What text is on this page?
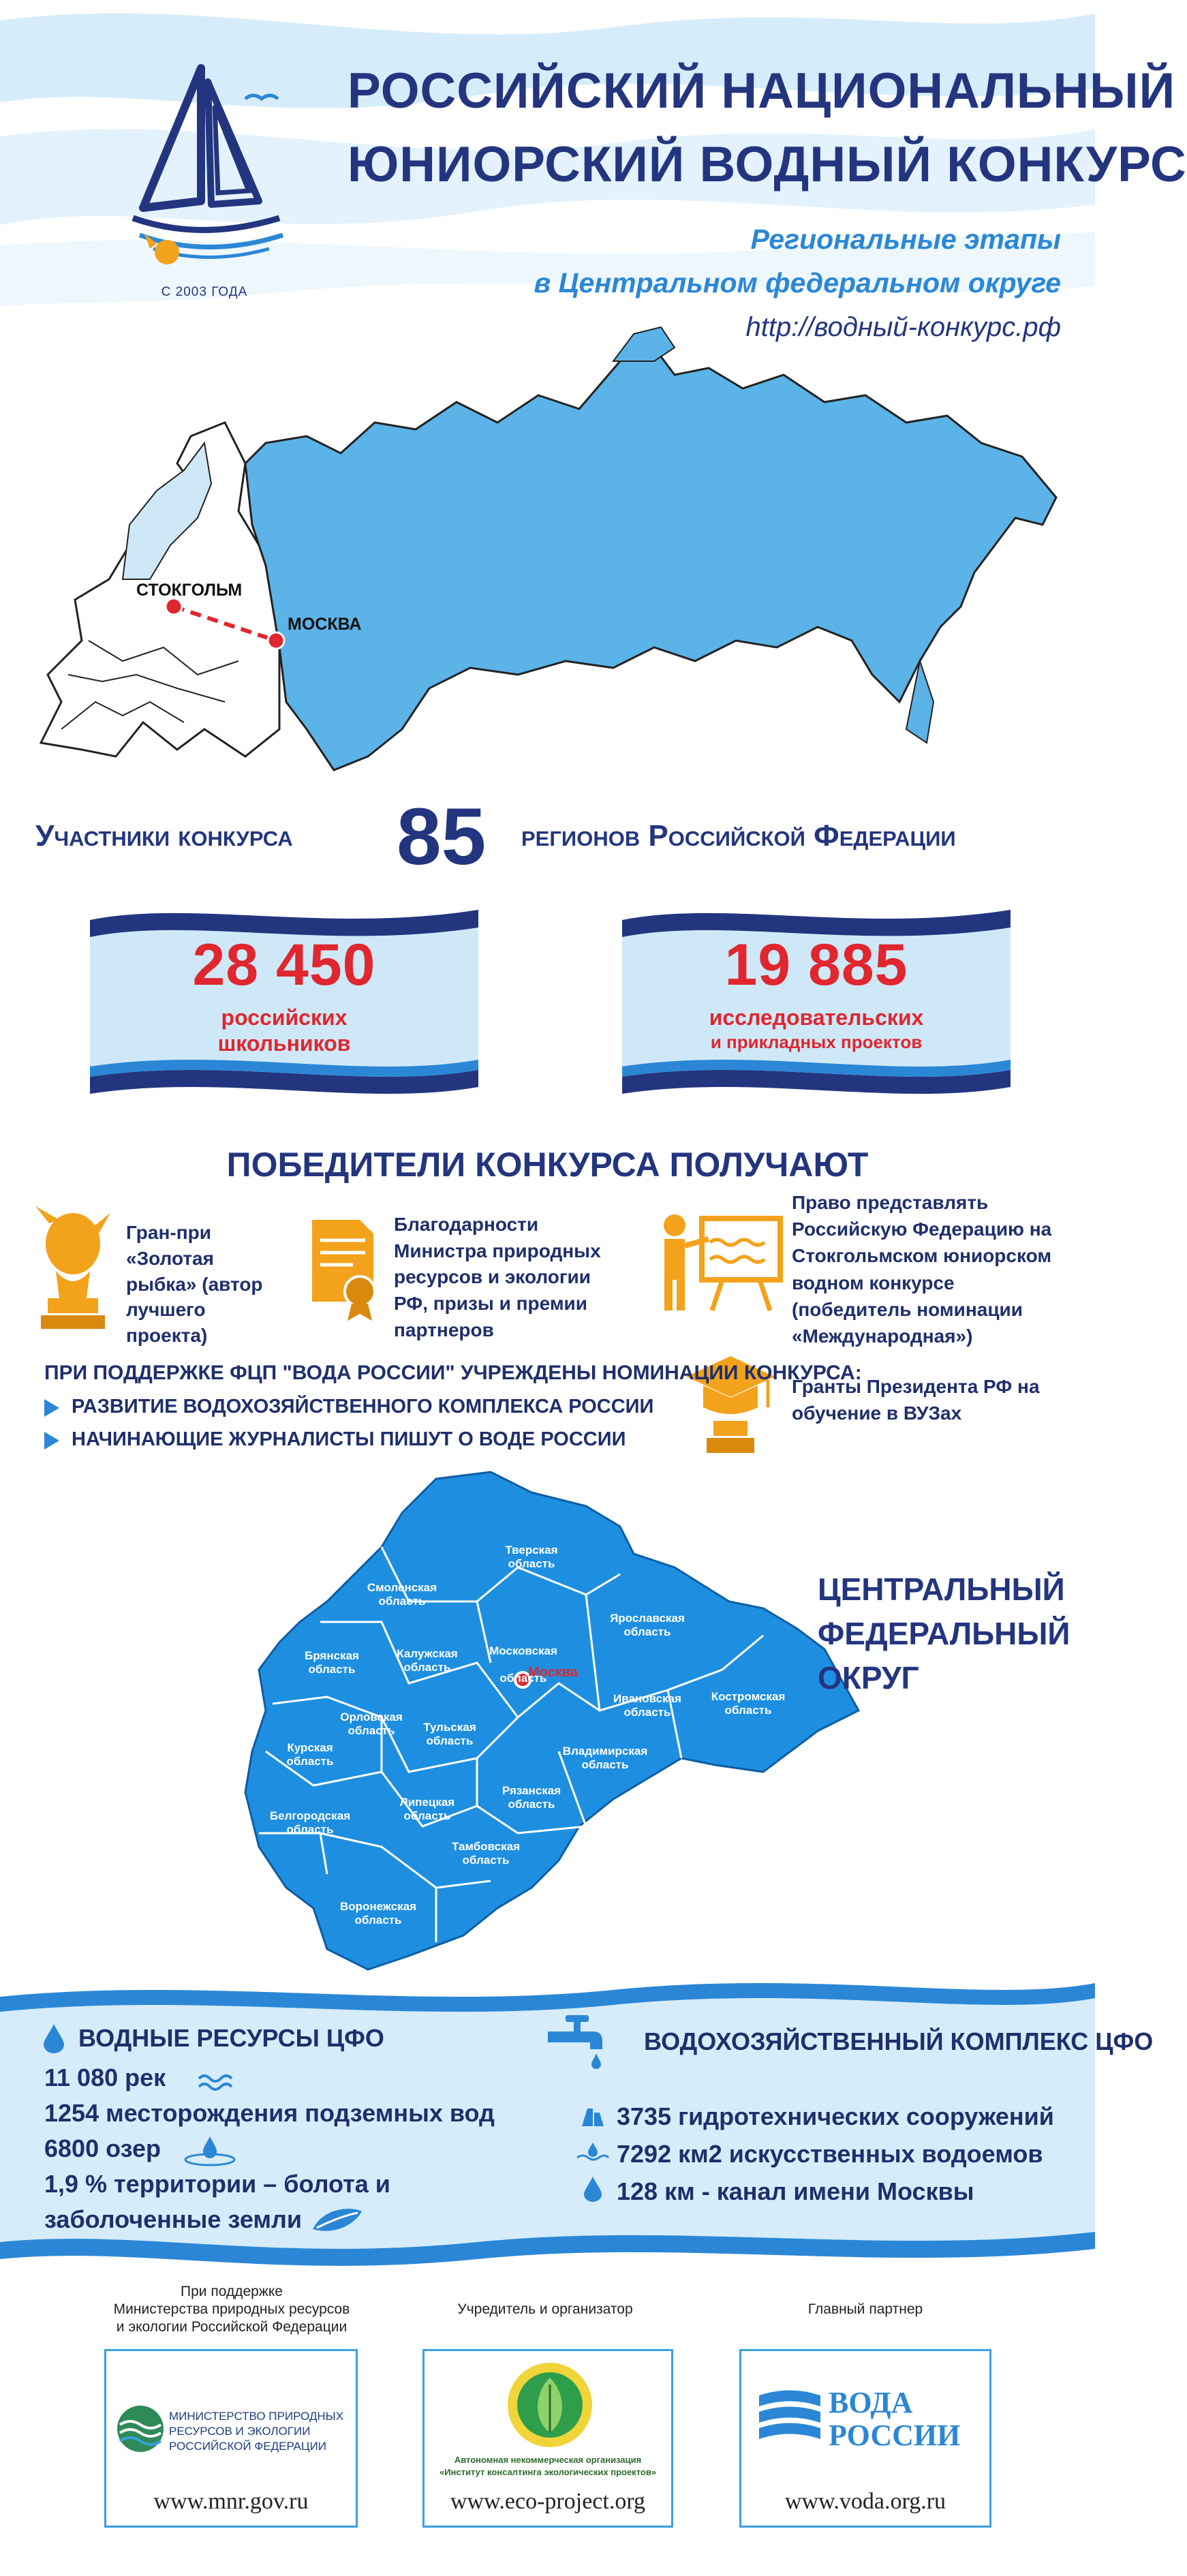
С 2003 ГОДА
РОССИЙСКИЙ НАЦИОНАЛЬНЫЙ
ЮНИОРСКИЙ ВОДНЫЙ КОНКУРС
Региональные этапы
в Центральном федеральном округе
http://водный-конкурс.рф
СТОКГОЛЬМ
МОСКВА
Участники конкурса 85 регионов Российской Федерации
28 450
российских
школьников
19 885
исследовательских
и прикладных проектов
ПОБЕДИТЕЛИ КОНКУРСА ПОЛУЧАЮТ
Гран-при «Золотая рыбка» (автор лучшего проекта)
Благодарности Министра природных ресурсов и экологии РФ, призы и премии партнеров
Право представлять Российскую Федерацию на Стокгольмском юниорском водном конкурсе (победитель номинации «Международная»)
Гранты Президента РФ на обучение в ВУЗах
ПРИ ПОДДЕРЖКЕ ФЦП "ВОДА РОССИИ" УЧРЕЖДЕНЫ НОМИНАЦИИ КОНКУРСА:
РАЗВИТИЕ ВОДОХОЗЯЙСТВЕННОГО КОМПЛЕКСА РОССИИ
НАЧИНАЮЩИЕ ЖУРНАЛИСТЫ ПИШУТ О ВОДЕ РОССИИ
Москва
Тверская область
Смоленская область
Ярославская область
Брянская область
Калужская область
Московская область
Ивановская область
Костромская область
Орловская область	Тульская область
Владимирская область
Курская область
Рязанская область
Липецкая область
Белгородская область
Тамбовская область
Воронежская область
ЦЕНТРАЛЬНЫЙ
ФЕДЕРАЛЬНЫЙ
ОКРУГ
ВОДНЫЕ РЕСУРСЫ ЦФО
11 080 рек
1254 месторождения подземных вод
6800 озер
1,9 % территории – болота и
заболоченные земли
ВОДОХОЗЯЙСТВЕННЫЙ КОМПЛЕКС ЦФО
3735 гидротехнических сооружений
7292 км2 искусственных водоемов
128 км - канал имени Москвы
При поддержке
Министерства природных ресурсов
и экологии Российской Федерации
МИНИСТЕРСТВО ПРИРОДНЫХ
РЕСУРСОВ И ЭКОЛОГИИ
РОССИЙСКОЙ ФЕДЕРАЦИИ
www.mnr.gov.ru
Учредитель и организатор
Автономная некоммерческая организация
«Институт консалтинга экологических проектов»
www.eco-project.org
Главный партнер
ВОДА
РОССИИ
www.voda.org.ru
